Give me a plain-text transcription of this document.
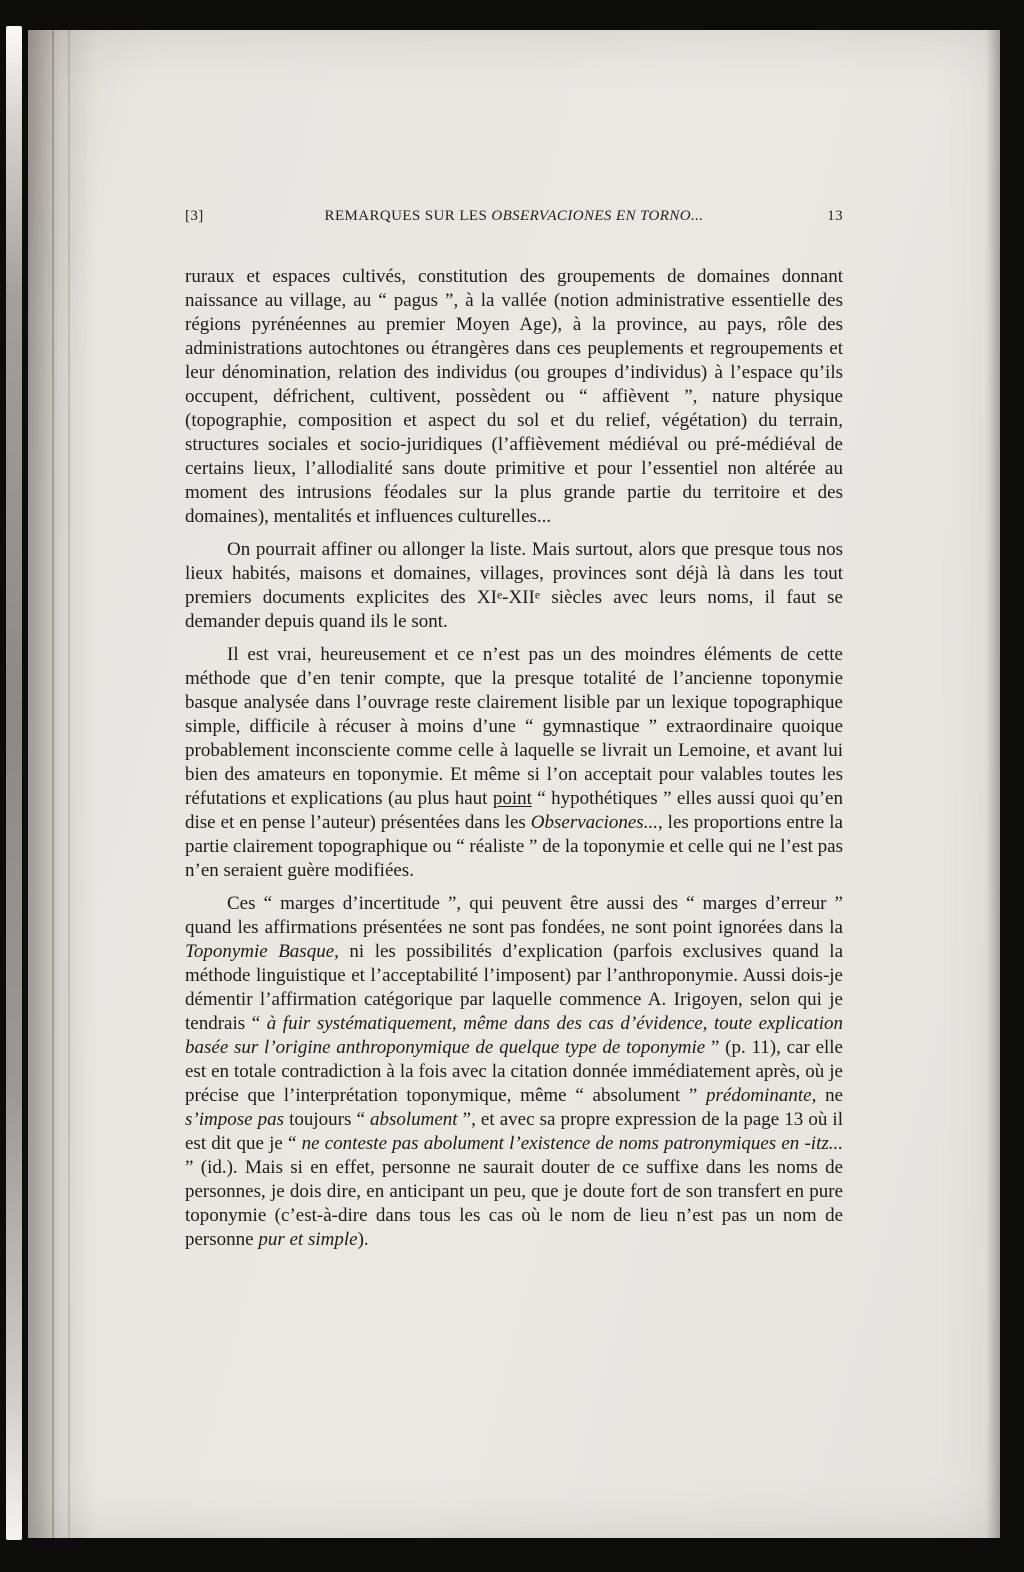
[3]	REMARQUES SUR LES OBSERVACIONES EN TORNO...	13

ruraux et espaces cultivés, constitution des groupements de domaines donnant naissance au village, au “ pagus ”, à la vallée (notion administrative essentielle des régions pyrénéennes au premier Moyen Age), à la province, au pays, rôle des administrations autochtones ou étrangères dans ces peuplements et regroupements et leur dénomination, relation des individus (ou groupes d’individus) à l’espace qu’ils occupent, défrichent, cultivent, possèdent ou “ affièvent ”, nature physique (topographie, composition et aspect du sol et du relief, végétation) du terrain, structures sociales et socio-juridiques (l’affièvement médiéval ou pré-médiéval de certains lieux, l’allodialité sans doute primitive et pour l’essentiel non altérée au moment des intrusions féodales sur la plus grande partie du territoire et des domaines), mentalités et influences culturelles...

On pourrait affiner ou allonger la liste. Mais surtout, alors que presque tous nos lieux habités, maisons et domaines, villages, provinces sont déjà là dans les tout premiers documents explicites des XIe-XIIe siècles avec leurs noms, il faut se demander depuis quand ils le sont.

Il est vrai, heureusement et ce n’est pas un des moindres éléments de cette méthode que d’en tenir compte, que la presque totalité de l’ancienne toponymie basque analysée dans l’ouvrage reste clairement lisible par un lexique topographique simple, difficile à récuser à moins d’une “ gymnastique ” extraordinaire quoique probablement inconsciente comme celle à laquelle se livrait un Lemoine, et avant lui bien des amateurs en toponymie. Et même si l’on acceptait pour valables toutes les réfutations et explications (au plus haut point “ hypothétiques ” elles aussi quoi qu’en dise et en pense l’auteur) présentées dans les Observaciones..., les proportions entre la partie clairement topographique ou “ réaliste ” de la toponymie et celle qui ne l’est pas n’en seraient guère modifiées.

Ces “ marges d’incertitude ”, qui peuvent être aussi des “ marges d’erreur ” quand les affirmations présentées ne sont pas fondées, ne sont point ignorées dans la Toponymie Basque, ni les possibilités d’explication (parfois exclusives quand la méthode linguistique et l’acceptabilité l’imposent) par l’anthroponymie. Aussi dois-je démentir l’affirmation catégorique par laquelle commence A. Irigoyen, selon qui je tendrais “ à fuir systématiquement, même dans des cas d’évidence, toute explication basée sur l’origine anthroponymique de quelque type de toponymie ” (p. 11), car elle est en totale contradiction à la fois avec la citation donnée immédiatement après, où je précise que l’interprétation toponymique, même “ absolument ” prédominante, ne s’impose pas toujours “ absolument ”, et avec sa propre expression de la page 13 où il est dit que je “ ne conteste pas abolument l’existence de noms patronymiques en -itz... ” (id.). Mais si en effet, personne ne saurait douter de ce suffixe dans les noms de personnes, je dois dire, en anticipant un peu, que je doute fort de son transfert en pure toponymie (c’est-à-dire dans tous les cas où le nom de lieu n’est pas un nom de personne pur et simple).
